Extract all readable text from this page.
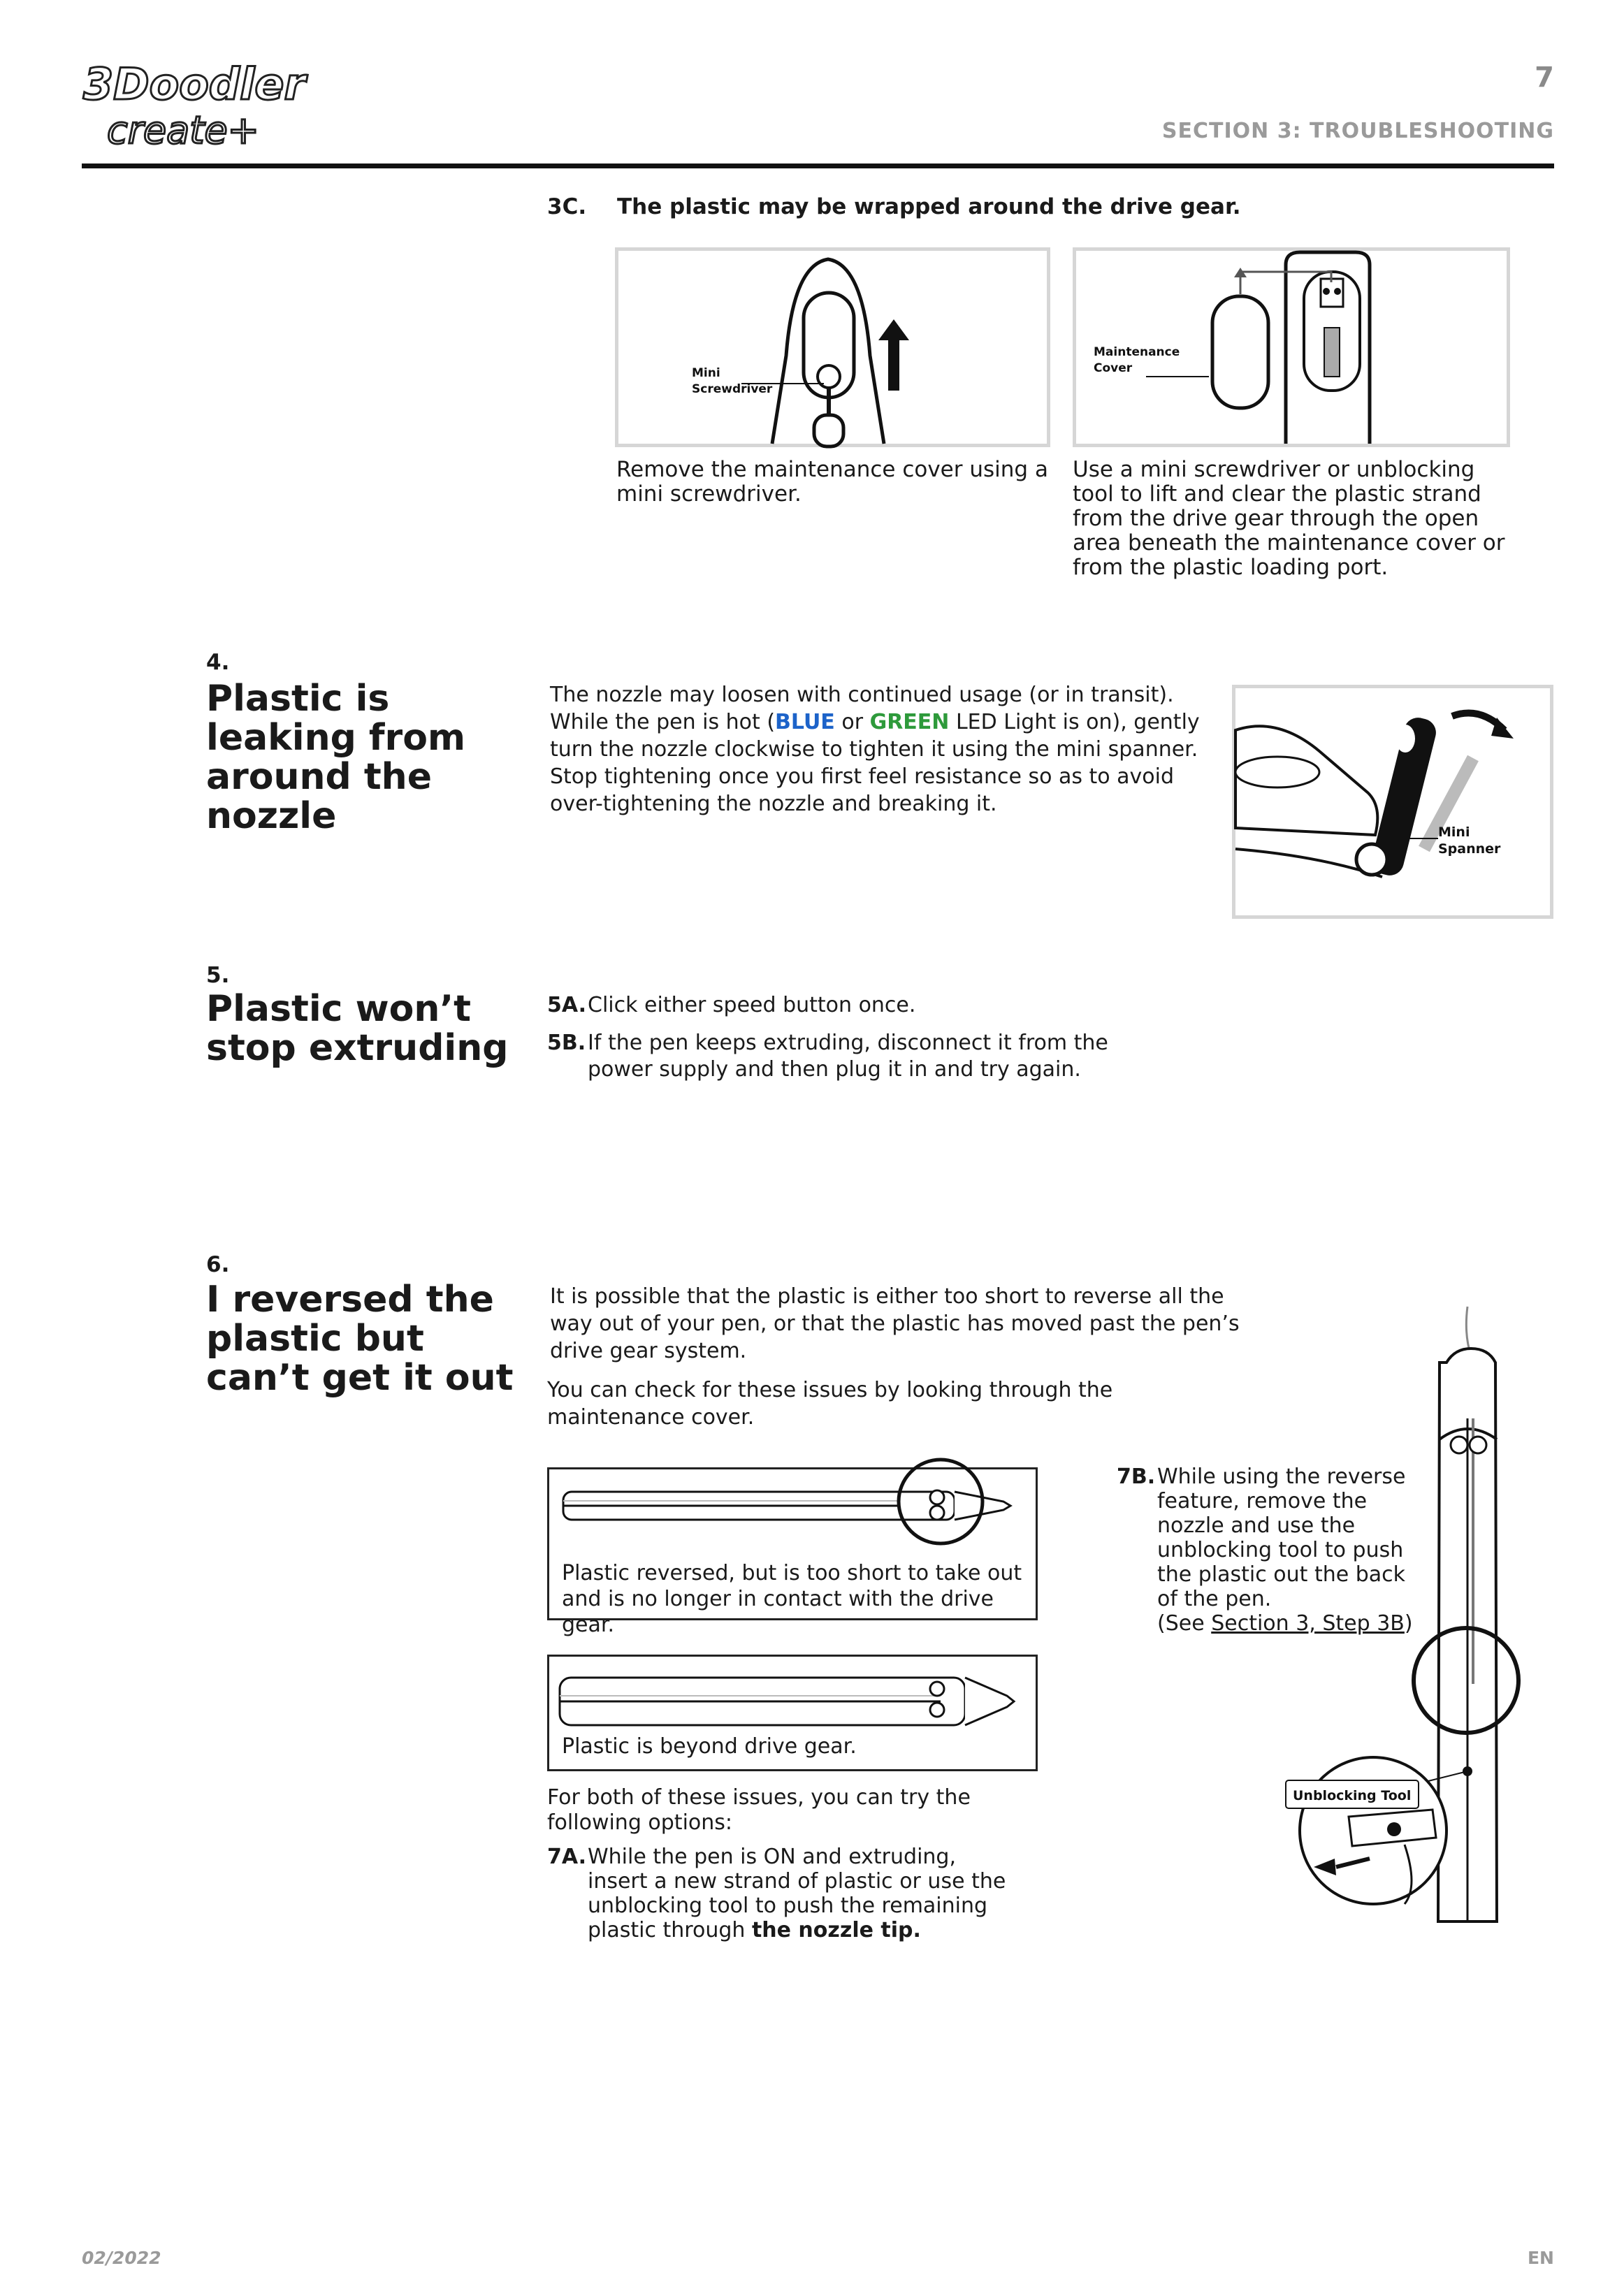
3Doodler
create+
7
SECTION 3: TROUBLESHOOTING
3C. The plastic may be wrapped around the drive gear.
Mini
Screwdriver
Remove the maintenance cover using a mini screwdriver.
Maintenance
Cover
Use a mini screwdriver or unblocking tool to lift and clear the plastic strand from the drive gear through the open area beneath the maintenance cover or from the plastic loading port.
4.
Plastic is leaking from around the nozzle
The nozzle may loosen with continued usage (or in transit). While the pen is hot (BLUE or GREEN LED Light is on), gently turn the nozzle clockwise to tighten it using the mini spanner. Stop tightening once you first feel resistance so as to avoid over-tightening the nozzle and breaking it.
Mini
Spanner
5.
Plastic won’t stop extruding
5A.Click either speed button once.
5B. If the pen keeps extruding, disconnect it from the power supply and then plug it in and try again.
6.
I reversed the plastic but can’t get it out
It is possible that the plastic is either too short to reverse all the way out of your pen, or that the plastic has moved past the pen’s drive gear system.
You can check for these issues by looking through the maintenance cover.
Plastic reversed, but is too short to take out and is no longer in contact with the drive gear.
Plastic is beyond drive gear.
For both of these issues, you can try the following options:
7A. While the pen is ON and extruding, insert a new strand of plastic or use the unblocking tool to push the remaining plastic through the nozzle tip.
7B. While using the reverse feature, remove the nozzle and use the unblocking tool to push the plastic out the back of the pen.
(See Section 3, Step 3B)
Unblocking Tool
02/2022	EN
